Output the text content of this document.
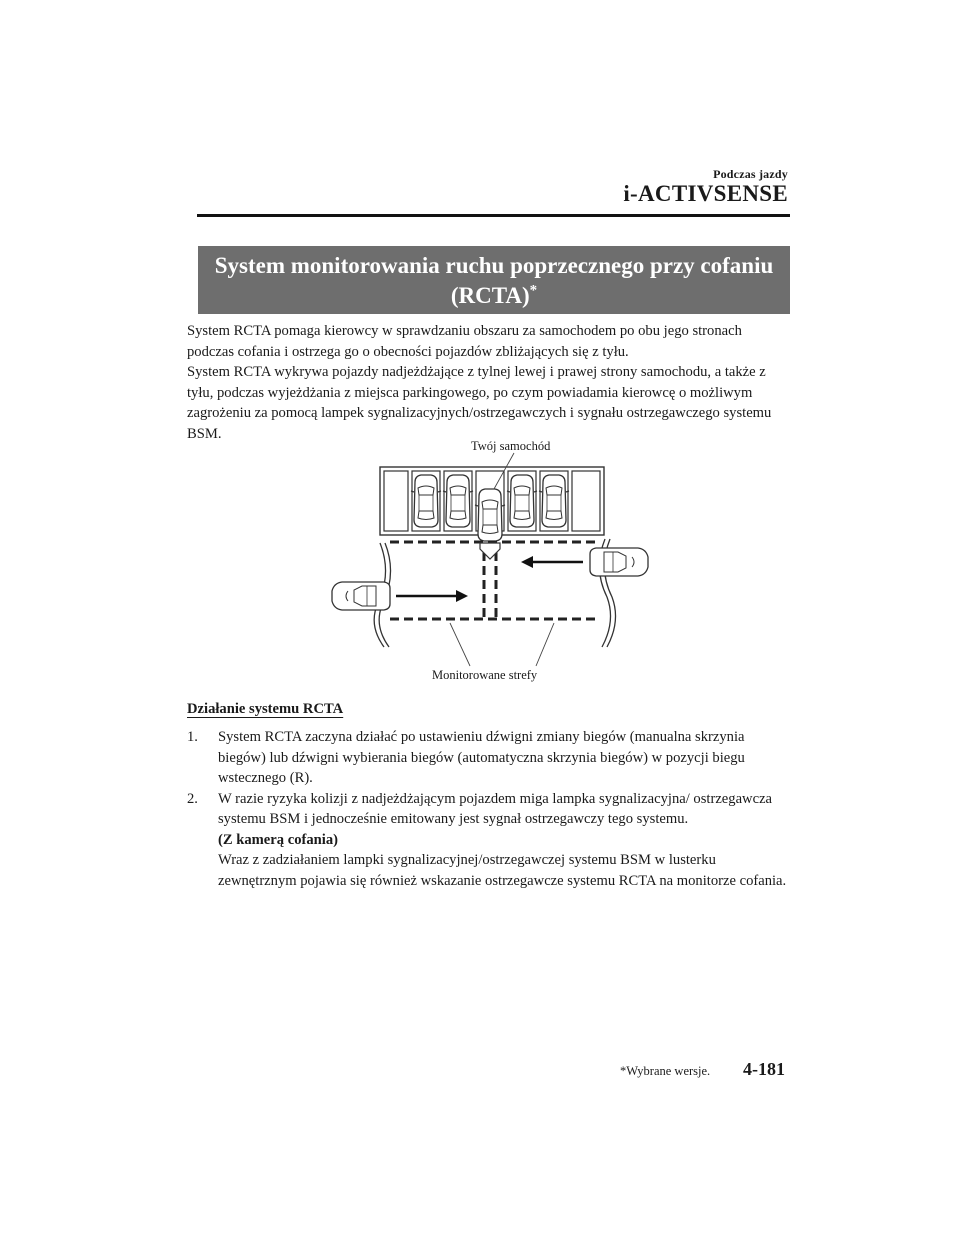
Podczas jazdy
i-ACTIVSENSE
System monitorowania ruchu poprzecznego przy cofaniu
(RCTA)*

System RCTA pomaga kierowcy w sprawdzaniu obszaru za samochodem po obu jego stronach podczas cofania i ostrzega go o obecności pojazdów zbliżających się z tyłu.

System RCTA wykrywa pojazdy nadjeżdżające z tylnej lewej i prawej strony samochodu, a także z tyłu, podczas wyjeżdżania z miejsca parkingowego, po czym powiadamia kierowcę o możliwym zagrożeniu za pomocą lampek sygnalizacyjnych/ostrzegawczych i sygnału ostrzegawczego systemu BSM.

Twój samochód
Monitorowane strefy
Działanie systemu RCTA
1. System RCTA zaczyna działać po ustawieniu dźwigni zmiany biegów (manualna skrzynia biegów) lub dźwigni wybierania biegów (automatyczna skrzynia biegów) w pozycji biegu wstecznego (R).

2. W razie ryzyka kolizji z nadjeżdżającym pojazdem miga lampka sygnalizacyjna/ ostrzegawcza systemu BSM i jednocześnie emitowany jest sygnał ostrzegawczy tego systemu.

(Z kamerą cofania)

Wraz z zadziałaniem lampki sygnalizacyjnej/ostrzegawczej systemu BSM w lusterku zewnętrznym pojawia się również wskazanie ostrzegawcze systemu RCTA na monitorze cofania.

*Wybrane wersje. 4-181
